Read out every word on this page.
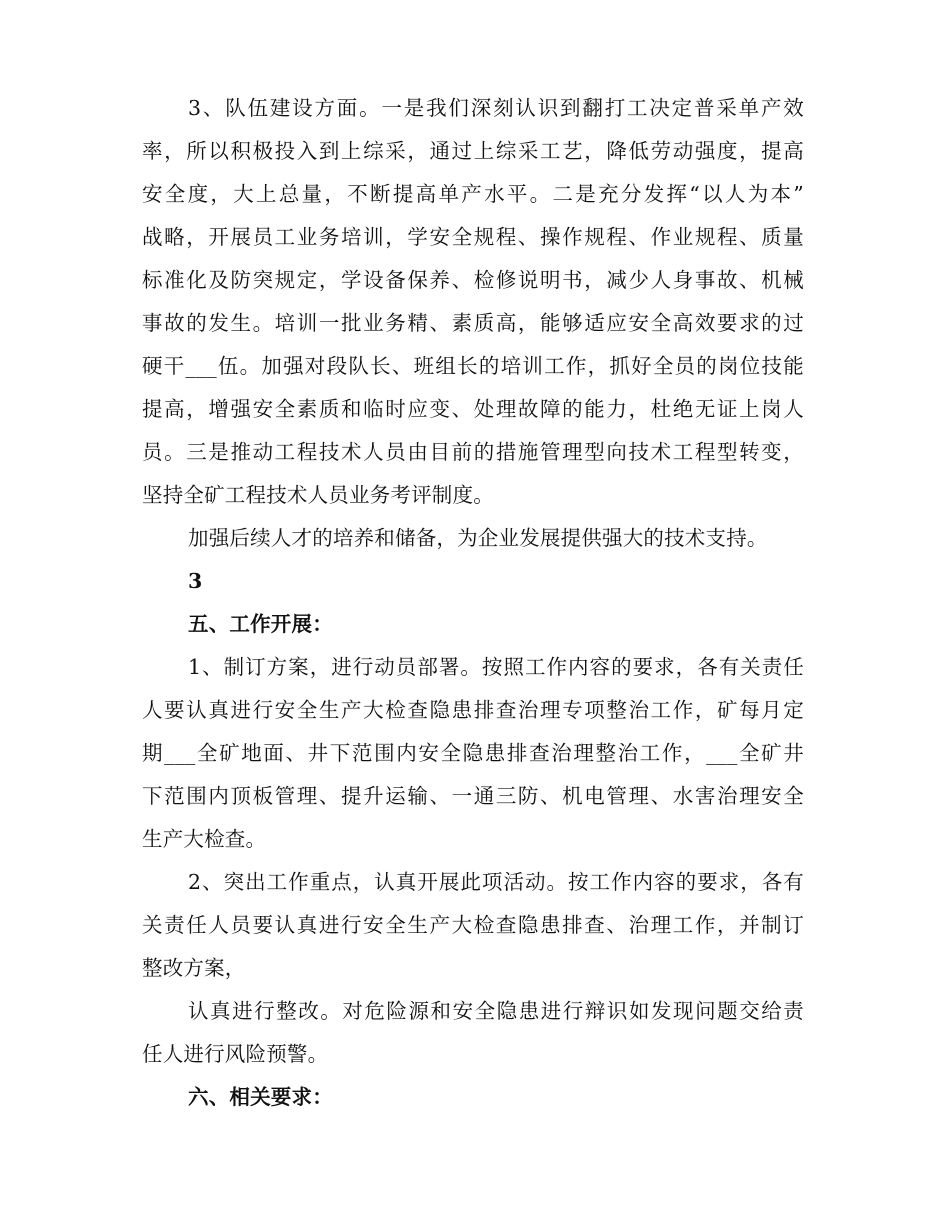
3、队伍建设方面。一是我们深刻认识到翻打工决定普采单产效
率，所以积极投入到上综采，通过上综采工艺，降低劳动强度，提高
安全度，大上总量，不断提高单产水平。二是充分发挥“以人为本”
战略，开展员工业务培训，学安全规程、操作规程、作业规程、质量
标准化及防突规定，学设备保养、检修说明书，减少人身事故、机械
事故的发生。培训一批业务精、素质高，能够适应安全高效要求的过
硬干___伍。加强对段队长、班组长的培训工作，抓好全员的岗位技能
提高，增强安全素质和临时应变、处理故障的能力，杜绝无证上岗人
员。三是推动工程技术人员由目前的措施管理型向技术工程型转变，
坚持全矿工程技术人员业务考评制度。
加强后续人才的培养和储备，为企业发展提供强大的技术支持。
3
五、工作开展：
1、制订方案，进行动员部署。按照工作内容的要求，各有关责任
人要认真进行安全生产大检查隐患排查治理专项整治工作，矿每月定
期___全矿地面、井下范围内安全隐患排查治理整治工作，___全矿井
下范围内顶板管理、提升运输、一通三防、机电管理、水害治理安全
生产大检查。
2、突出工作重点，认真开展此项活动。按工作内容的要求，各有
关责任人员要认真进行安全生产大检查隐患排查、治理工作，并制订
整改方案，
认真进行整改。对危险源和安全隐患进行辩识如发现问题交给责
任人进行风险预警。
六、相关要求：
